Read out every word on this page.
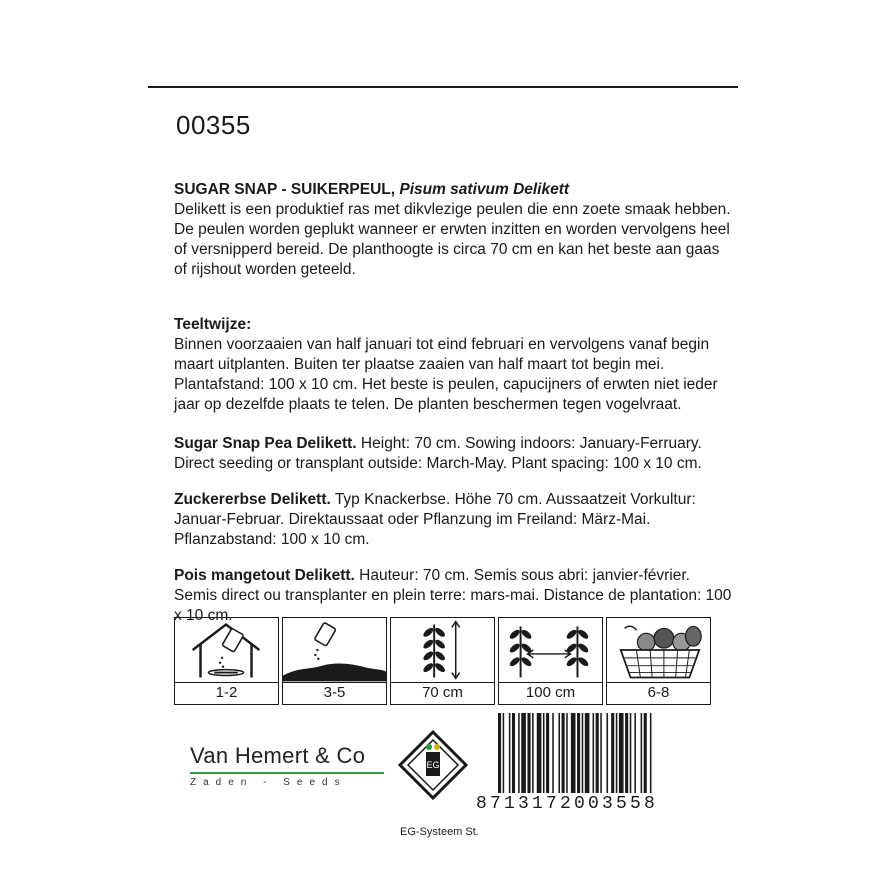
00355
SUGAR SNAP - SUIKERPEUL, Pisum sativum Delikett
Delikett is een produktief ras met dikvlezige peulen die enn zoete smaak hebben. De peulen worden geplukt wanneer er erwten inzitten en worden vervolgens heel of versnipperd bereid. De planthoogte is circa 70 cm en kan het beste aan gaas of rijshout worden geteeld.
Teeltwijze:
Binnen voorzaaien van half januari tot eind februari en vervolgens vanaf begin maart uitplanten. Buiten ter plaatse zaaien van half maart tot begin mei. Plantafstand: 100 x 10 cm. Het beste is peulen, capucijners of erwten niet ieder jaar op dezelfde plaats te telen. De planten beschermen tegen vogelvraat.
Sugar Snap Pea Delikett. Height: 70 cm. Sowing indoors: January-Ferruary. Direct seeding or transplant outside: March-May. Plant spacing: 100 x 10 cm.
Zuckererbse Delikett. Typ Knackerbse. Höhe 70 cm. Aussaatzeit Vorkultur: Januar-Februar. Direktaussaat oder Pflanzung im Freiland: März-Mai. Pflanzabstand: 100 x 10 cm.
Pois mangetout Delikett. Hauteur: 70 cm. Semis sous abri: janvier-février. Semis direct ou transplanter en plein terre: mars-mai. Distance de plantation: 100 x 10 cm.
1-2	3-5	70 cm	100 cm	6-8
Van Hemert & Co
Zaden - Seeds
EG
8713172003558
EG-Systeem St.
